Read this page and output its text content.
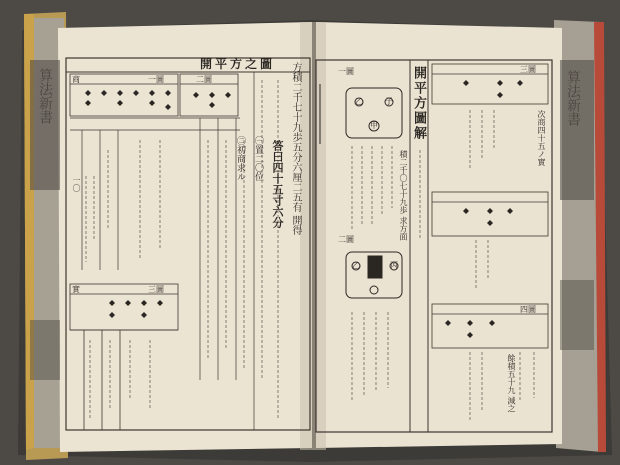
算法新書	算法新書
開平方之圖 方積二千七十九歩五分六厘二五有 開得
答曰四十五寸六分
㊀置二〇位
㊁初商求ル
一圖	二圖
三圖
一〇
商
實
開平方圖解
一圖
二圖
三圖
四圖
乙	子
甲
乙	丙
積二千〇七十九歩 求方面
次商四十五ノ實
餘積五十九 減之
